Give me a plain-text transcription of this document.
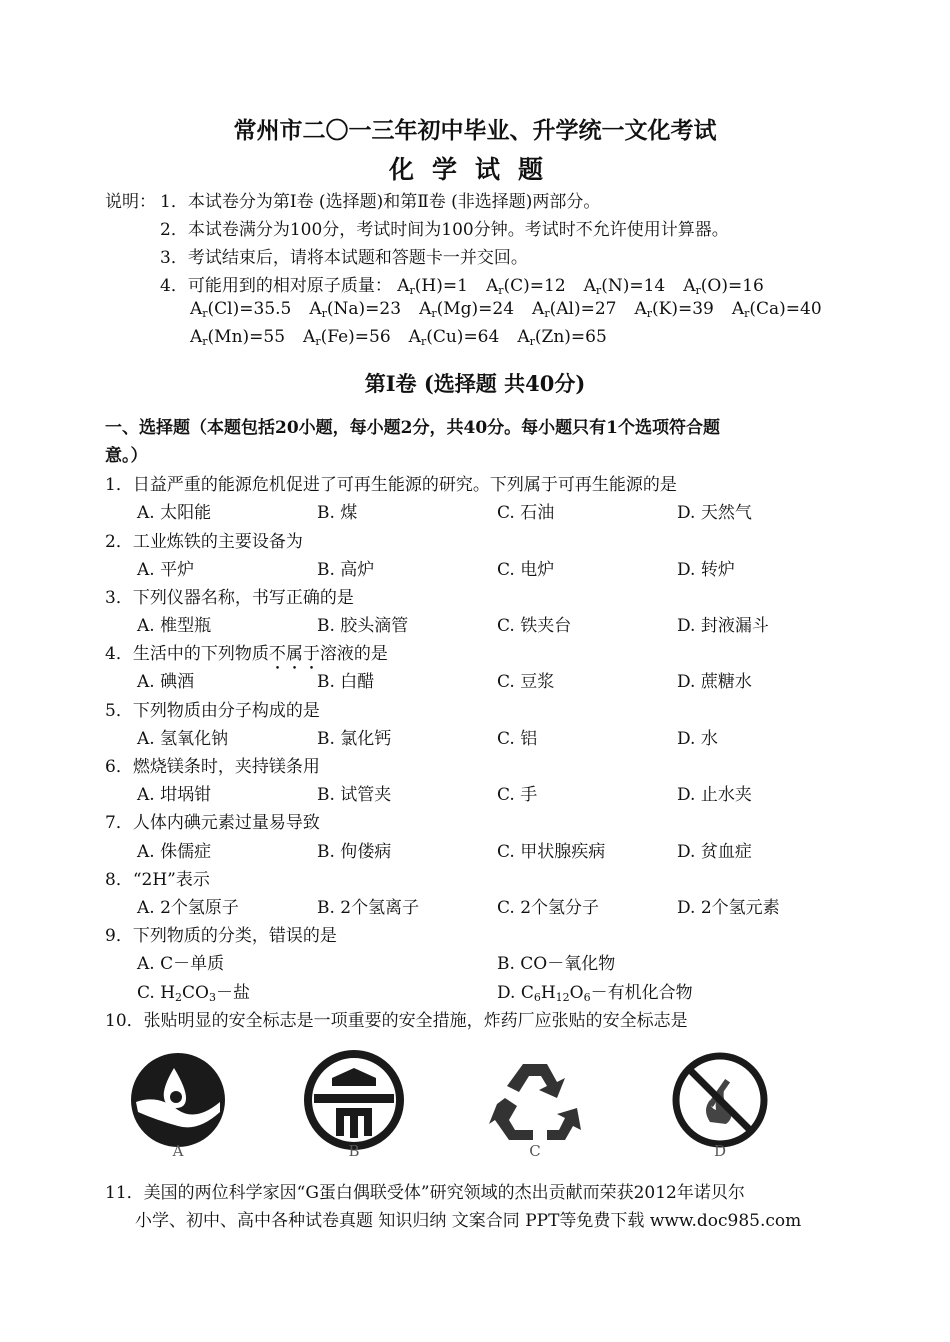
常州市二〇一三年初中毕业、升学统一文化考试
化学试题
说明： 1．本试卷分为第Ⅰ卷 (选择题)和第Ⅱ卷 (非选择题)两部分。
2．本试卷满分为100分，考试时间为100分钟。考试时不允许使用计算器。
3．考试结束后，请将本试题和答题卡一并交回。
4．可能用到的相对原子质量： $A_r(H)=1$ $A_r(C)=12$ $A_r(N)=14$ $A_r(O)=16$
$A_r(Cl)=35.5$ $A_r(Na)=23$ $A_r(Mg)=24$ $A_r(Al)=27$ $A_r(K)=39$ $A_r(Ca)=40$
$A_r(Mn)=55$ $A_r(Fe)=56$ $A_r(Cu)=64$ $A_r(Zn)=65$
第Ⅰ卷 (选择题 共40分)
一、选择题（本题包括20小题，每小题2分，共40分。每小题只有1个选项符合题
意。）
1．日益严重的能源危机促进了可再生能源的研究。下列属于可再生能源的是
A. 太阳能	B. 煤	C. 石油	D. 天然气
2．工业炼铁的主要设备为
A. 平炉	B. 高炉	C. 电炉	D. 转炉
3．下列仪器名称，书写正确的是
A. 椎型瓶	B. 胶头滴管	C. 铁夹台	D. 封液漏斗
4．生活中的下列物质不属于溶液的是
A. 碘酒	B. 白醋	C. 豆浆	D. 蔗糖水
5．下列物质由分子构成的是
A. 氢氧化钠	B. 氯化钙	C. 铝	D. 水
6．燃烧镁条时，夹持镁条用
A. 坩埚钳	B. 试管夹	C. 手	D. 止水夹
7．人体内碘元素过量易导致
A. 侏儒症	B. 佝偻病	C. 甲状腺疾病	D. 贫血症
8．“2H”表示
A. 2个氢原子	B. 2个氢离子	C. 2个氢分子	D. 2个氢元素
9．下列物质的分类，错误的是
A. C－单质	B. CO－氧化物
C. $H_2CO_3-$盐	D. $C_6H_{12}O_6-$有机化合物
10．张贴明显的安全标志是一项重要的安全措施，炸药厂应张贴的安全标志是
A	B	C	D
11．美国的两位科学家因“G蛋白偶联受体”研究领域的杰出贡献而荣获2012年诺贝尔
小学、初中、高中各种试卷真题 知识归纳 文案合同 PPT等免费下载 www.doc985.com
